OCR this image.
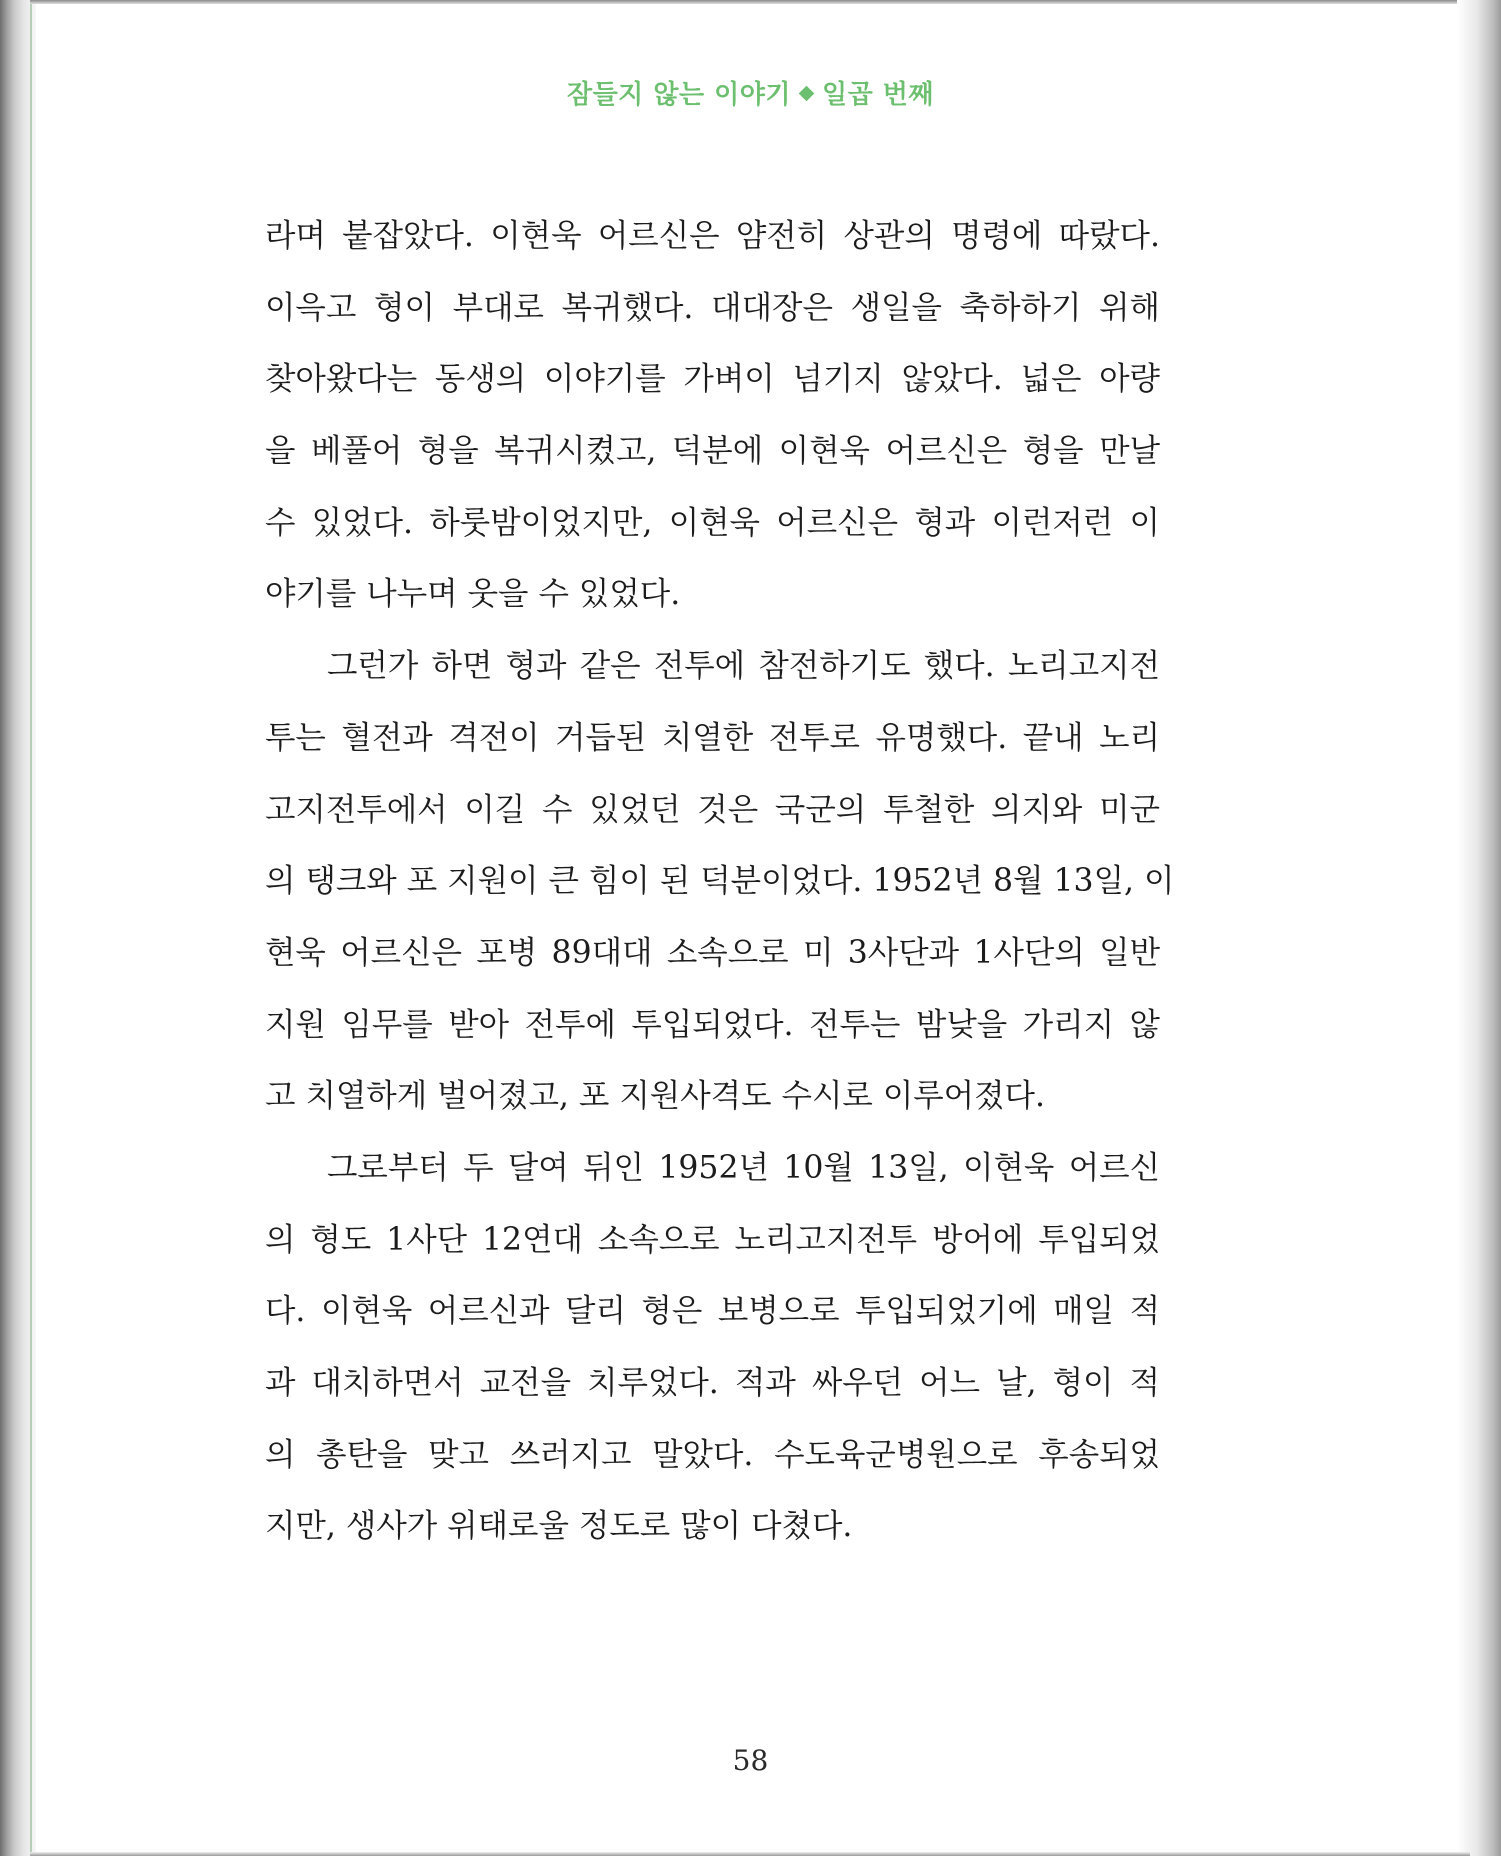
잠들지 않는 이야기 일곱 번째
라며 붙잡았다. 이현욱 어르신은 얌전히 상관의 명령에 따랐다.
이윽고 형이 부대로 복귀했다. 대대장은 생일을 축하하기 위해
찾아왔다는 동생의 이야기를 가벼이 넘기지 않았다. 넓은 아량
을 베풀어 형을 복귀시켰고, 덕분에 이현욱 어르신은 형을 만날
수 있었다. 하룻밤이었지만, 이현욱 어르신은 형과 이런저런 이
야기를 나누며 웃을 수 있었다.
그런가 하면 형과 같은 전투에 참전하기도 했다. 노리고지전
투는 혈전과 격전이 거듭된 치열한 전투로 유명했다. 끝내 노리
고지전투에서 이길 수 있었던 것은 국군의 투철한 의지와 미군
의 탱크와 포 지원이 큰 힘이 된 덕분이었다. 1952년 8월 13일, 이
현욱 어르신은 포병 89대대 소속으로 미 3사단과 1사단의 일반
지원 임무를 받아 전투에 투입되었다. 전투는 밤낮을 가리지 않
고 치열하게 벌어졌고, 포 지원사격도 수시로 이루어졌다.
그로부터 두 달여 뒤인 1952년 10월 13일, 이현욱 어르신
의 형도 1사단 12연대 소속으로 노리고지전투 방어에 투입되었
다. 이현욱 어르신과 달리 형은 보병으로 투입되었기에 매일 적
과 대치하면서 교전을 치루었다. 적과 싸우던 어느 날, 형이 적
의 총탄을 맞고 쓰러지고 말았다. 수도육군병원으로 후송되었
지만, 생사가 위태로울 정도로 많이 다쳤다.
58
